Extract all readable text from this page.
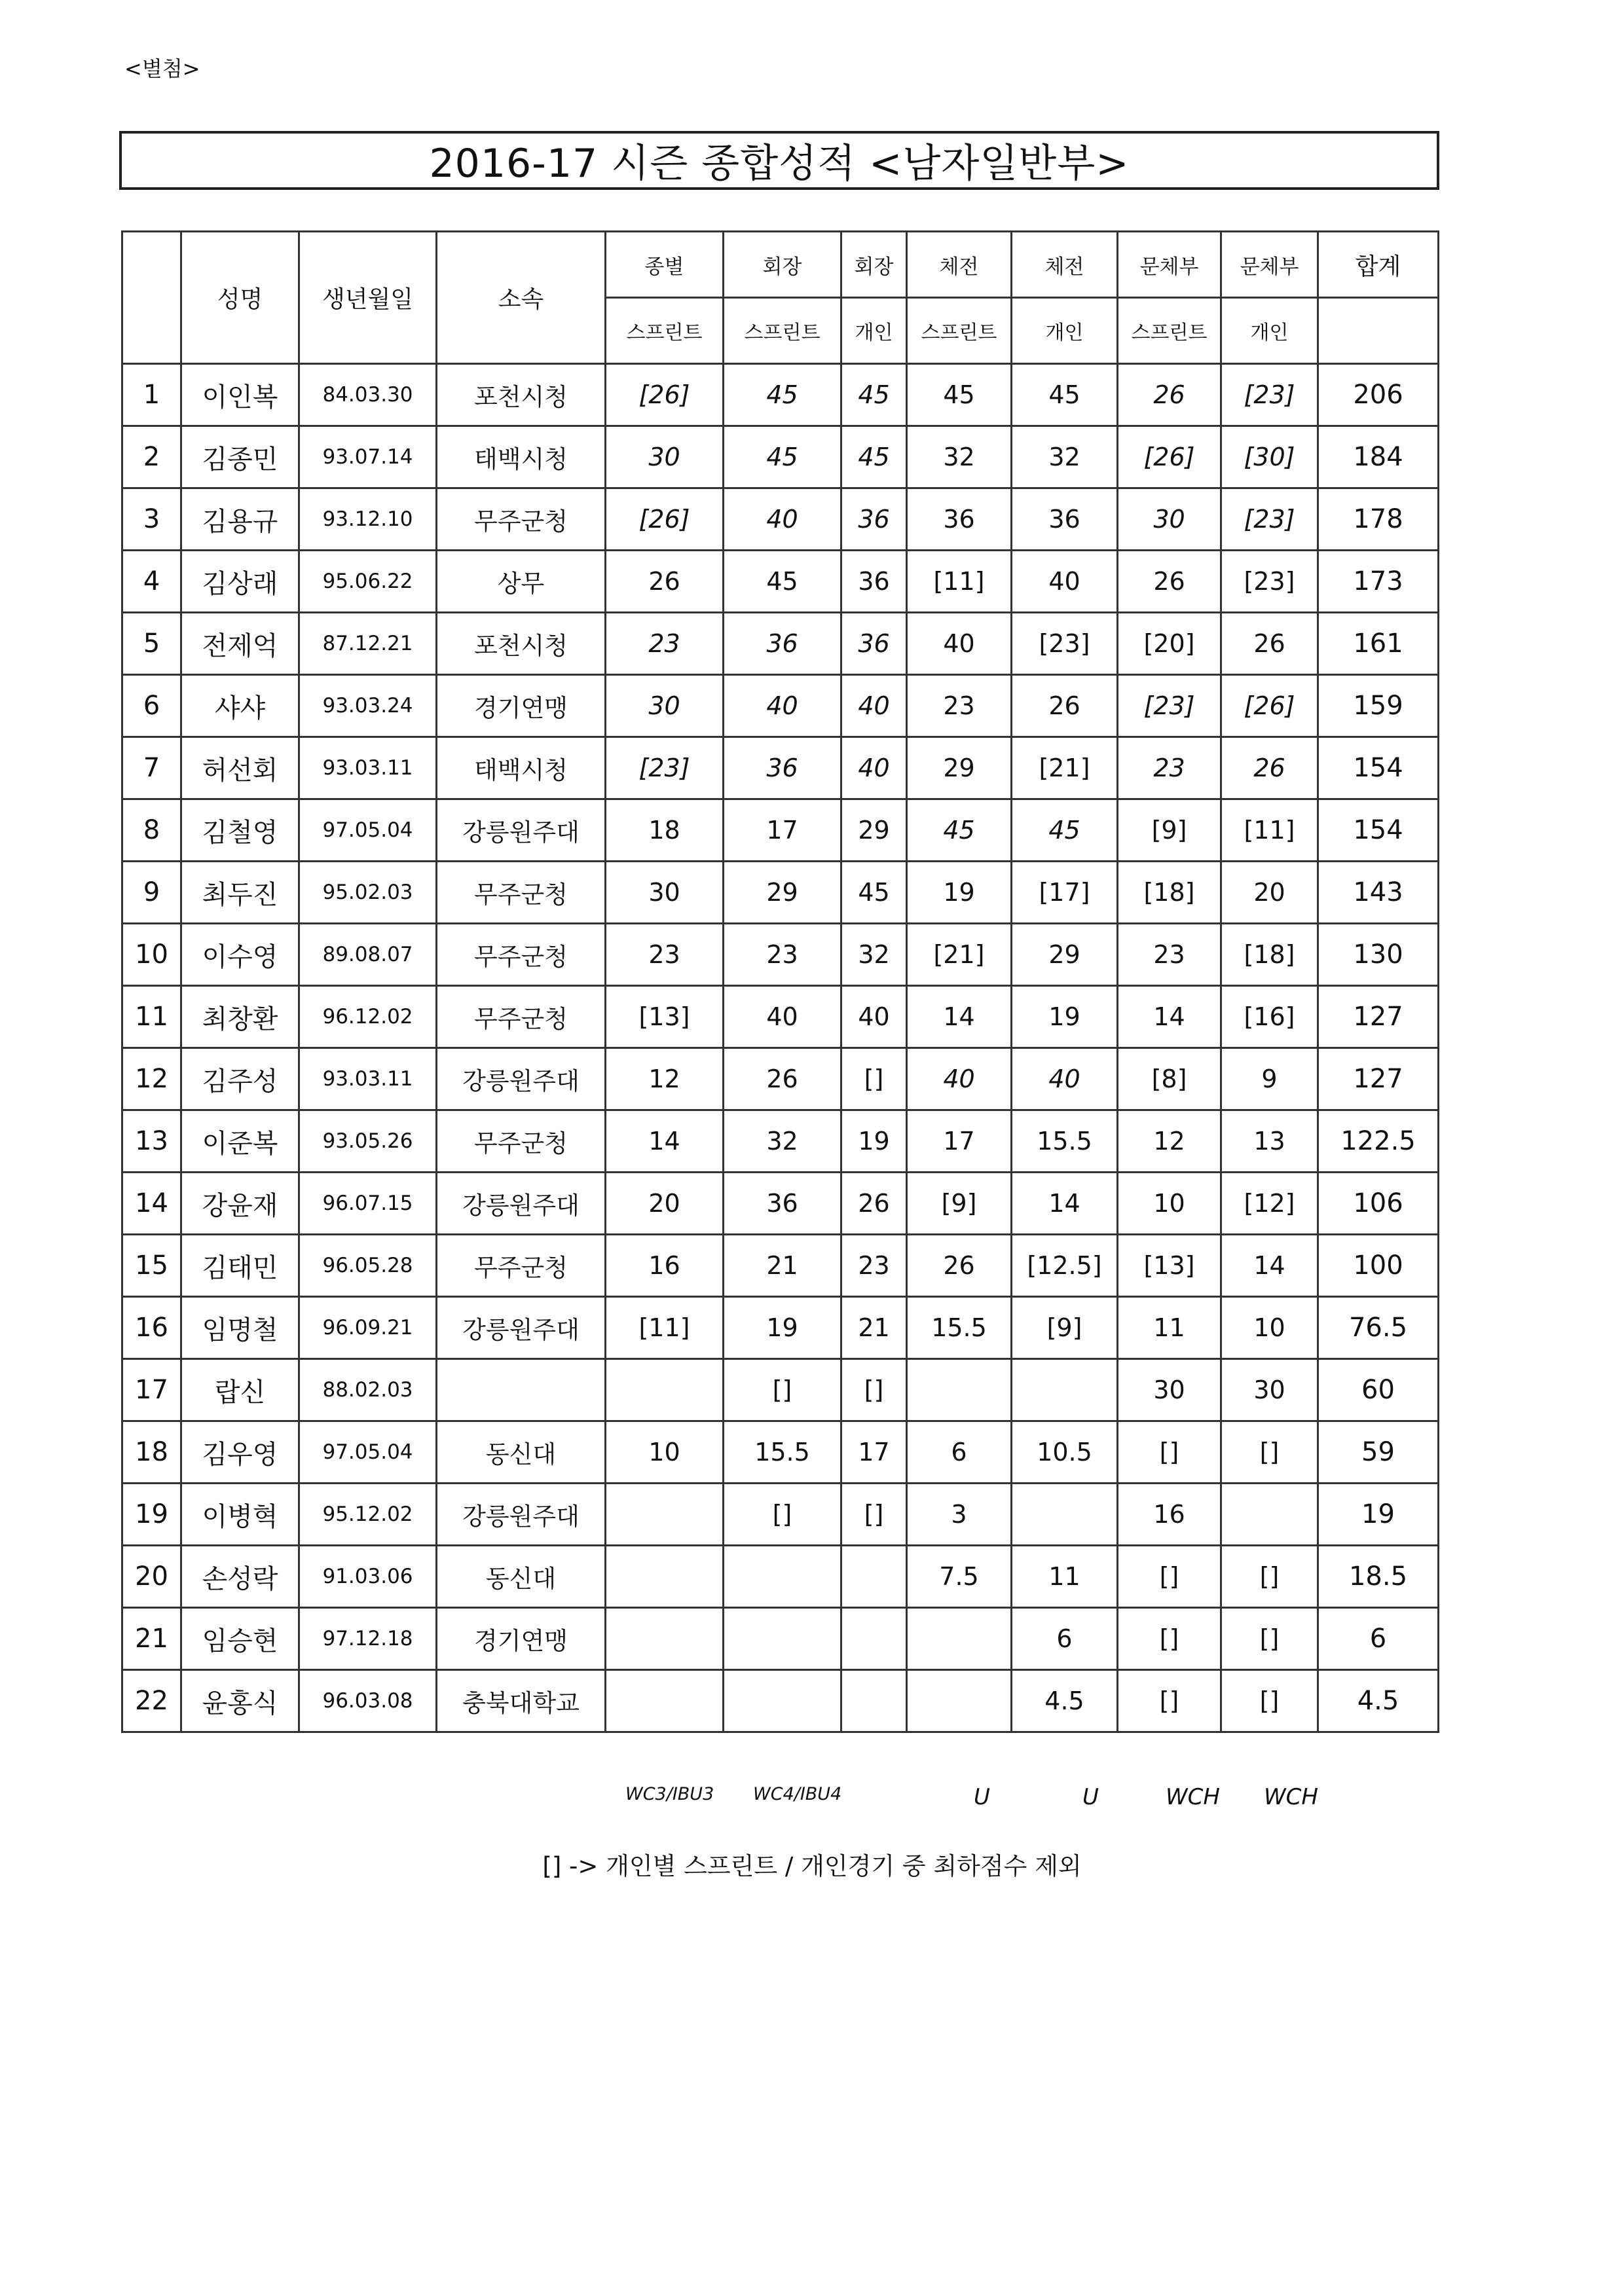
<별첨>
2016-17 시즌 종합성적 <남자일반부>
	성명	생년월일	소속	종별	회장	회장	체전	체전	문체부	문체부	합계
				스프린트	스프린트	개인	스프린트	개인	스프린트	개인	
1	이인복	84.03.30	포천시청	[26]	45	45	45	45	26	[23]	206
2	김종민	93.07.14	태백시청	30	45	45	32	32	[26]	[30]	184
3	김용규	93.12.10	무주군청	[26]	40	36	36	36	30	[23]	178
4	김상래	95.06.22	상무	26	45	36	[11]	40	26	[23]	173
5	전제억	87.12.21	포천시청	23	36	36	40	[23]	[20]	26	161
6	샤샤	93.03.24	경기연맹	30	40	40	23	26	[23]	[26]	159
7	허선회	93.03.11	태백시청	[23]	36	40	29	[21]	23	26	154
8	김철영	97.05.04	강릉원주대	18	17	29	45	45	[9]	[11]	154
9	최두진	95.02.03	무주군청	30	29	45	19	[17]	[18]	20	143
10	이수영	89.08.07	무주군청	23	23	32	[21]	29	23	[18]	130
11	최창환	96.12.02	무주군청	[13]	40	40	14	19	14	[16]	127
12	김주성	93.03.11	강릉원주대	12	26	[]	40	40	[8]	9	127
13	이준복	93.05.26	무주군청	14	32	19	17	15.5	12	13	122.5
14	강윤재	96.07.15	강릉원주대	20	36	26	[9]	14	10	[12]	106
15	김태민	96.05.28	무주군청	16	21	23	26	[12.5]	[13]	14	100
16	임명철	96.09.21	강릉원주대	[11]	19	21	15.5	[9]	11	10	76.5
17	랍신	88.02.03			[]	[]			30	30	60
18	김우영	97.05.04	동신대	10	15.5	17	6	10.5	[]	[]	59
19	이병혁	95.12.02	강릉원주대		[]	[]	3		16		19
20	손성락	91.03.06	동신대				7.5	11	[]	[]	18.5
21	임승현	97.12.18	경기연맹					6	[]	[]	6
22	윤홍식	96.03.08	충북대학교					4.5	[]	[]	4.5
WC3/IBU3 WC4/IBU4	U	U	WCH WCH
[] -> 개인별 스프린트 / 개인경기 중 최하점수 제외
